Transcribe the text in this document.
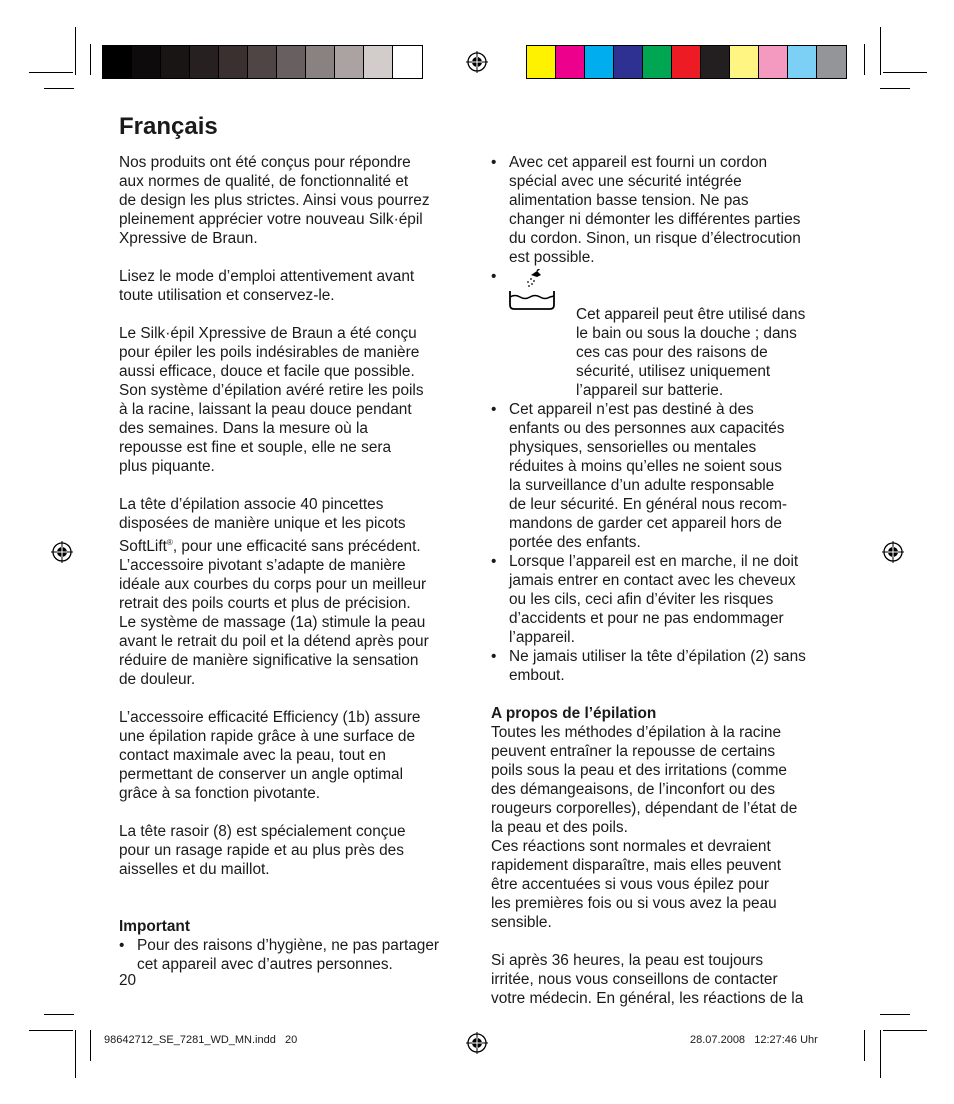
Français

Nos produits ont été conçus pour répondre
aux normes de qualité, de fonctionnalité et
de design les plus strictes. Ainsi vous pourrez
pleinement apprécier votre nouveau Silk·épil
Xpressive de Braun.

Lisez le mode d’emploi attentivement avant
toute utilisation et conservez-le.

Le Silk·épil Xpressive de Braun a été conçu
pour épiler les poils indésirables de manière
aussi efficace, douce et facile que possible.
Son système d’épilation avéré retire les poils
à la racine, laissant la peau douce pendant
des semaines. Dans la mesure où la
repousse est fine et souple, elle ne sera
plus piquante.

La tête d’épilation associe 40 pincettes
disposées de manière unique et les picots
SoftLift®, pour une efficacité sans précédent.
L’accessoire pivotant s’adapte de manière
idéale aux courbes du corps pour un meilleur
retrait des poils courts et plus de précision.
Le système de massage (1a) stimule la peau
avant le retrait du poil et la détend après pour
réduire de manière significative la sensation
de douleur.

L’accessoire efficacité Efficiency (1b) assure
une épilation rapide grâce à une surface de
contact maximale avec la peau, tout en
permettant de conserver un angle optimal
grâce à sa fonction pivotante.

La tête rasoir (8) est spécialement conçue
pour un rasage rapide et au plus près des
aisselles et du maillot.

Important
• Pour des raisons d’hygiène, ne pas partager
cet appareil avec d’autres personnes.
• Avec cet appareil est fourni un cordon
spécial avec une sécurité intégrée
alimentation basse tension. Ne pas
changer ni démonter les différentes parties
du cordon. Sinon, un risque d’électrocution
est possible.

• Cet appareil peut être utilisé dans
le bain ou sous la douche ; dans
ces cas pour des raisons de
sécurité, utilisez uniquement
l’appareil sur batterie.

• Cet appareil n’est pas destiné à des
enfants ou des personnes aux capacités
physiques, sensorielles ou mentales
réduites à moins qu’elles ne soient sous
la surveillance d’un adulte responsable
de leur sécurité. En général nous recom-
mandons de garder cet appareil hors de
portée des enfants.
• Lorsque l’appareil est en marche, il ne doit
jamais entrer en contact avec les cheveux
ou les cils, ceci afin d’éviter les risques
d’accidents et pour ne pas endommager
l’appareil.
• Ne jamais utiliser la tête d’épilation (2) sans
embout.
A propos de l’épilation

Toutes les méthodes d’épilation à la racine
peuvent entraîner la repousse de certains
poils sous la peau et des irritations (comme
des démangeaisons, de l’inconfort ou des
rougeurs corporelles), dépendant de l’état de
la peau et des poils.
Ces réactions sont normales et devraient
rapidement disparaître, mais elles peuvent
être accentuées si vous vous épilez pour
les premières fois ou si vous avez la peau
sensible.

Si après 36 heures, la peau est toujours
irritée, nous vous conseillons de contacter
votre médecin. En général, les réactions de la

20
98642712_SE_7281_WD_MN.indd   20	28.07.2008   12:27:46 Uhr
